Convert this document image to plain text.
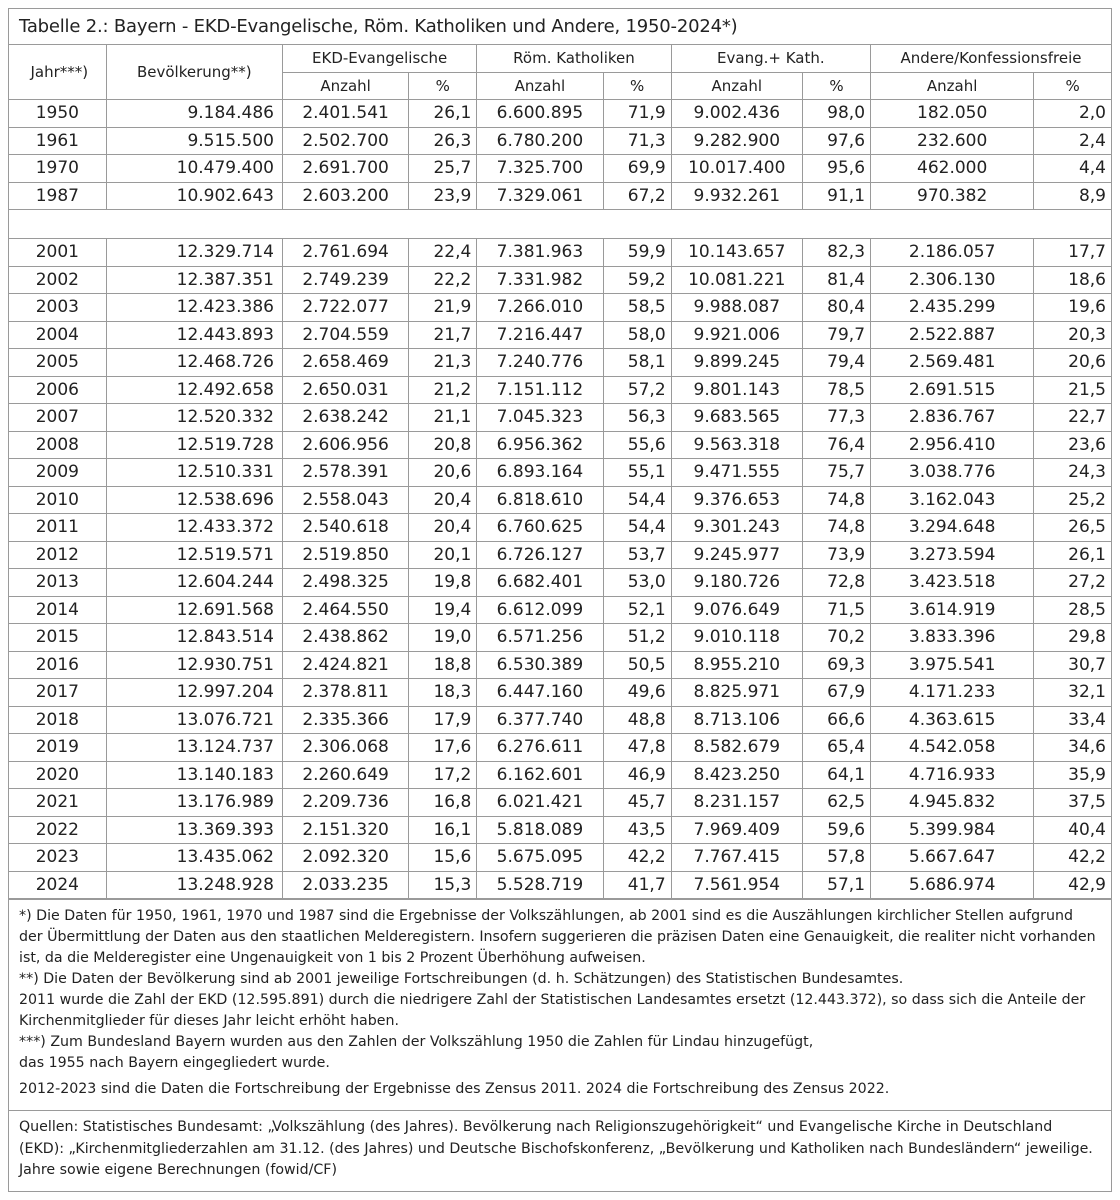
Tabelle 2.: Bayern - EKD-Evangelische, Röm. Katholiken und Andere, 1950-2024*)
Jahr***)	Bevölkerung**)	EKD-Evangelische		Röm. Katholiken		Evang.+ Kath.		Andere/Konfessionsfreie	
		Anzahl	%	Anzahl	%	Anzahl	%	Anzahl	%
1950	9.184.486	2.401.541	26,1	6.600.895	71,9	9.002.436	98,0	182.050	2,0
1961	9.515.500	2.502.700	26,3	6.780.200	71,3	9.282.900	97,6	232.600	2,4
1970	10.479.400	2.691.700	25,7	7.325.700	69,9	10.017.400	95,6	462.000	4,4
1987	10.902.643	2.603.200	23,9	7.329.061	67,2	9.932.261	91,1	970.382	8,9

2001	12.329.714	2.761.694	22,4	7.381.963	59,9	10.143.657	82,3	2.186.057	17,7
2002	12.387.351	2.749.239	22,2	7.331.982	59,2	10.081.221	81,4	2.306.130	18,6
2003	12.423.386	2.722.077	21,9	7.266.010	58,5	9.988.087	80,4	2.435.299	19,6
2004	12.443.893	2.704.559	21,7	7.216.447	58,0	9.921.006	79,7	2.522.887	20,3
2005	12.468.726	2.658.469	21,3	7.240.776	58,1	9.899.245	79,4	2.569.481	20,6
2006	12.492.658	2.650.031	21,2	7.151.112	57,2	9.801.143	78,5	2.691.515	21,5
2007	12.520.332	2.638.242	21,1	7.045.323	56,3	9.683.565	77,3	2.836.767	22,7
2008	12.519.728	2.606.956	20,8	6.956.362	55,6	9.563.318	76,4	2.956.410	23,6
2009	12.510.331	2.578.391	20,6	6.893.164	55,1	9.471.555	75,7	3.038.776	24,3
2010	12.538.696	2.558.043	20,4	6.818.610	54,4	9.376.653	74,8	3.162.043	25,2
2011	12.433.372	2.540.618	20,4	6.760.625	54,4	9.301.243	74,8	3.294.648	26,5
2012	12.519.571	2.519.850	20,1	6.726.127	53,7	9.245.977	73,9	3.273.594	26,1
2013	12.604.244	2.498.325	19,8	6.682.401	53,0	9.180.726	72,8	3.423.518	27,2
2014	12.691.568	2.464.550	19,4	6.612.099	52,1	9.076.649	71,5	3.614.919	28,5
2015	12.843.514	2.438.862	19,0	6.571.256	51,2	9.010.118	70,2	3.833.396	29,8
2016	12.930.751	2.424.821	18,8	6.530.389	50,5	8.955.210	69,3	3.975.541	30,7
2017	12.997.204	2.378.811	18,3	6.447.160	49,6	8.825.971	67,9	4.171.233	32,1
2018	13.076.721	2.335.366	17,9	6.377.740	48,8	8.713.106	66,6	4.363.615	33,4
2019	13.124.737	2.306.068	17,6	6.276.611	47,8	8.582.679	65,4	4.542.058	34,6
2020	13.140.183	2.260.649	17,2	6.162.601	46,9	8.423.250	64,1	4.716.933	35,9
2021	13.176.989	2.209.736	16,8	6.021.421	45,7	8.231.157	62,5	4.945.832	37,5
2022	13.369.393	2.151.320	16,1	5.818.089	43,5	7.969.409	59,6	5.399.984	40,4
2023	13.435.062	2.092.320	15,6	5.675.095	42,2	7.767.415	57,8	5.667.647	42,2
2024	13.248.928	2.033.235	15,3	5.528.719	41,7	7.561.954	57,1	5.686.974	42,9

*) Die Daten für 1950, 1961, 1970 und 1987 sind die Ergebnisse der Volkszählungen, ab 2001 sind es die Auszählungen kirchlicher Stellen aufgrund der Übermittlung der Daten aus den staatlichen Melderegistern. Insofern suggerieren die präzisen Daten eine Genauigkeit, die realiter nicht vorhanden ist, da die Melderegister eine Ungenauigkeit von 1 bis 2 Prozent Überhöhung aufweisen.

**) Die Daten der Bevölkerung sind ab 2001 jeweilige Fortschreibungen (d. h. Schätzungen) des Statistischen Bundesamtes.

2011 wurde die Zahl der EKD (12.595.891) durch die niedrigere Zahl der Statistischen Landesamtes ersetzt (12.443.372), so dass sich die Anteile der Kirchenmitglieder für dieses Jahr leicht erhöht haben.

***) Zum Bundesland Bayern wurden aus den Zahlen der Volkszählung 1950 die Zahlen für Lindau hinzugefügt,

das 1955 nach Bayern eingegliedert wurde.

2012-2023 sind die Daten die Fortschreibung der Ergebnisse des Zensus 2011. 2024 die Fortschreibung des Zensus 2022.

Quellen: Statistisches Bundesamt: „Volkszählung (des Jahres). Bevölkerung nach Religionszugehörigkeit“ und Evangelische Kirche in Deutschland (EKD): „Kirchenmitgliederzahlen am 31.12. (des Jahres) und Deutsche Bischofskonferenz, „Bevölkerung und Katholiken nach Bundesländern“ jeweilige. Jahre sowie eigene Berechnungen (fowid/CF)
